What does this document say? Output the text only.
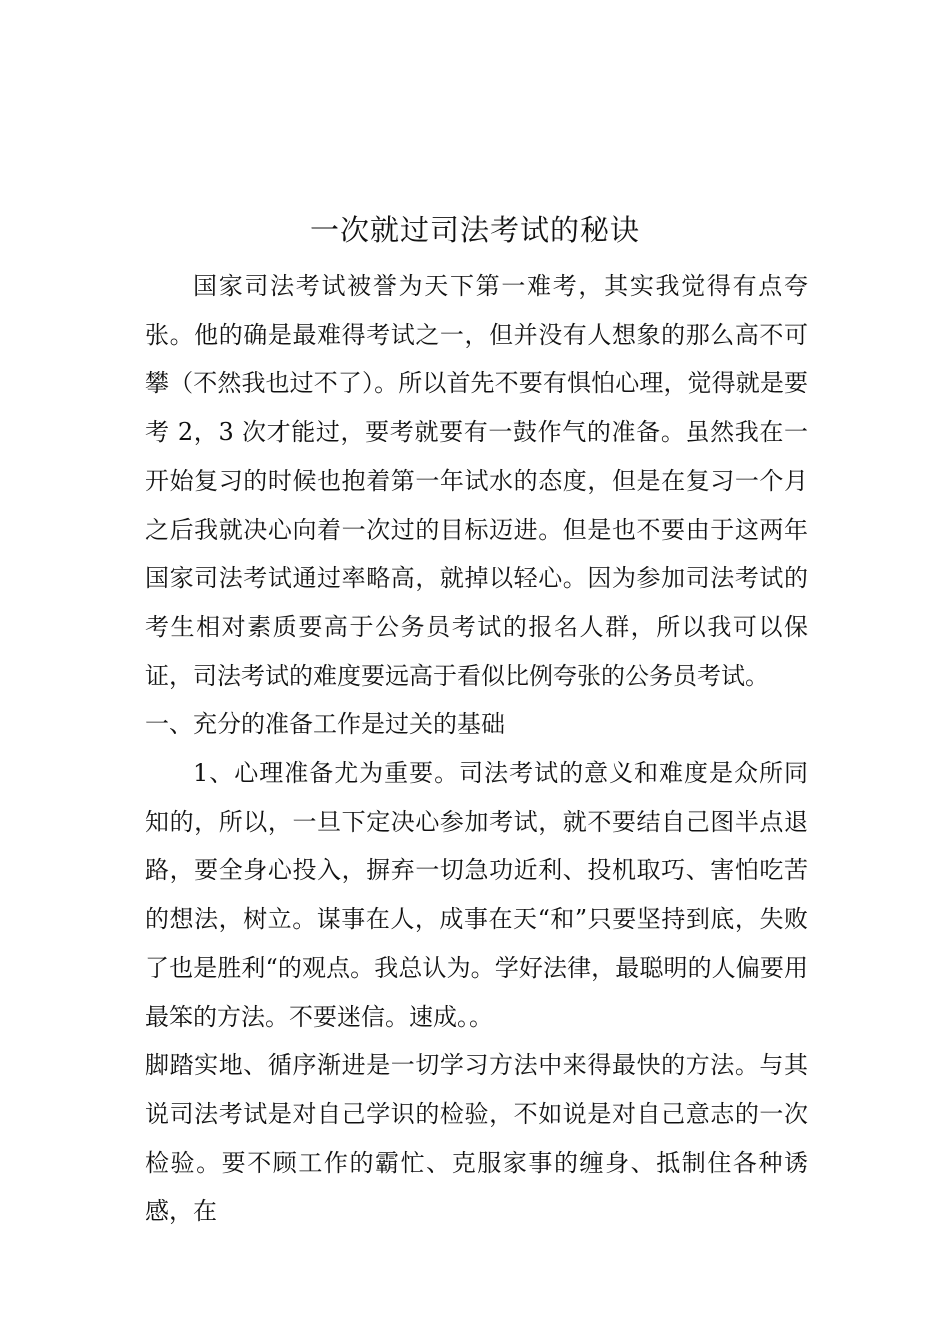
一次就过司法考试的秘诀

国家司法考试被誉为天下第一难考，其实我觉得有点夸张。他的确是最难得考试之一，但并没有人想象的那么高不可攀（不然我也过不了）。所以首先不要有惧怕心理，觉得就是要考 2，3 次才能过，要考就要有一鼓作气的准备。虽然我在一开始复习的时候也抱着第一年试水的态度，但是在复习一个月之后我就决心向着一次过的目标迈进。但是也不要由于这两年国家司法考试通过率略高，就掉以轻心。因为参加司法考试的考生相对素质要高于公务员考试的报名人群，所以我可以保证，司法考试的难度要远高于看似比例夸张的公务员考试。

一、充分的准备工作是过关的基础

1、心理准备尤为重要。司法考试的意义和难度是众所同知的，所以，一旦下定决心参加考试，就不要结自己图半点退路，要全身心投入，摒弃一切急功近利、投机取巧、害怕吃苦的想法，树立。谋事在人，成事在天“和”只要坚持到底，失败了也是胜利“的观点。我总认为。学好法律，最聪明的人偏要用最笨的方法。不要迷信。速成。。

脚踏实地、循序渐进是一切学习方法中来得最快的方法。与其说司法考试是对自己学识的检验，不如说是对自己意志的一次检验。要不顾工作的霸忙、克服家事的缠身、抵制住各种诱感，在
